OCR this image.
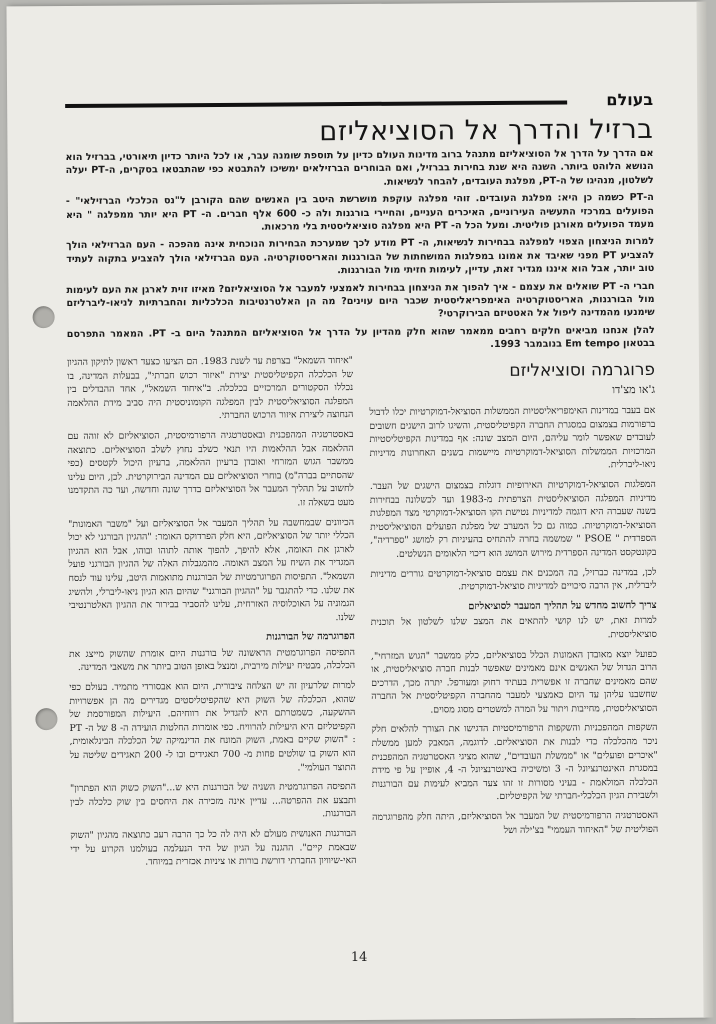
בעולם
ברזיל והדרך אל הסוציאליזם

אם הדרך על הדרך אל הסוציאליזם מתנהל ברוב מדינות העולם כדיון על תוספת שומנה עבר, או לכל היותר כדיון תיאורטי, בברזיל הוא הנושא הלוהט ביותר. השנה היא שנת בחירות בברזיל, ואם הבוחרים הברזילאים ימשיכו להתבטא כפי שהתבטאו בסקרים, ה-PT יעלה לשלטון, מנהיגו של ה-PT, מפלגת העובדים, להבחר לנשיאות.

ה-PT כשמה כן היא: מפלגת העובדים. זוהי מפלגה עוקפת מושרשת היטב בין האנשים שהם הקורבן ל"נס הכלכלי הברזילאי" - הפועלים במרכזי התעשיה העירוניים, האיכרים העניים, והחיירי בורגנות ולה כ- 600 אלף חברים. ה- PT היא יותר ממפלגה " היא מעמד הפועלים מאורגן פוליטית. ומעל הכל ה- PT היא מפלגה סוציאליסטית בלי מרכאות.

למרות הניצחון הצפוי למפלגה בבחירות לנשיאות, ה- PT מודע לכך שמערכת הבחירות הנוכחית אינה מהפכה - העם הברזילאי הולך להצביע PT מפני שאיבד את אמונו במפלגות המושחתות של הבורגנות והאריסטוקרטיה. העם הברזילאי הולך להצביע בתקוה לעתיד טוב יותר, אבל הוא איננו מגדיר זאת, עדיין, לעימות חזיתי מול הבורגנות.

חברי ה- PT שואלים את עצמם - איך להפוך את הניצחון בבחירות לאמצעי למעבר אל הסוציאליזם? מאיזו זוית לארגן את העם לעימות מול הבורגנות, האריסטוקרטיה האימפריאליסטית שכבר היום עוינים? מה הן האלטרנטיבות הכלכליות והחברתיות לניאו-ליברליזם שימנעו מהמדינה ליפול אל האטטיזם הבירוקרטי?

להלן אנחנו מביאים חלקים רחבים ממאמר שהוא חלק מהדיון על הדרך אל הסוציאליזם המתנהל היום ב- PT. המאמר התפרסם בבטאון Em tempo בנובמבר 1993.

פרוגרמה וסוציאליזם
ג'או מצ'דו

אם בעבר במדינות האימפריאליסטיות הממשלות הסוציאל-דמוקרטיות יכלו לדבול ברפורמות בצמצום במסגרת החברה הקפיטליסטית, והשיגו לרוב הישגים חשובים לעובדים שאפשר לומר עליהם, היום המצב שונה: אף במדינות הקפיטליסטיות המרכזיות הממשלות הסוציאל-דמוקרטיות מיישמות בשנים האחרונות מדיניות ניאו-ליברלית.

המפלגות הסוציאל-דמוקרטיות האירופיות דוגלות בצמצום הישגים של העבר. מדיניות המפלגה הסוציאליסטית הצרפתית מ-1983 ועד לכשלונה בבחירות בשנה שעברה היא דוגמה למדיניות נטישת הקו הסוציאל-דמוקרטי מצד המפלגות הסוציאל-דמוקרטיות. כמוה גם כל המערב של מפלגת הפועלים הסוציאליסטית הספרדית " PSOE " שמשמה בחרה להתחיס בהעיניות רק למושג "ספרדיה", בקונטקסט המדינה הספרדית מירוש המושג הוא דיכוי הלאומים הנשלטים.

לכן, במדינה כברזיל, בה המכנים את עצמם סוציאל-דמוקרטים גוררים מדיניות ליברלית, אין הרבה סיכויים למדיניות סוציאל-דמוקרטית.

צריך לחשוב מחדש על תהליך המעבר לסוציאליזם

למרות זאת, יש לנו קושי להתאים את המצב שלנו לשלטון אל תוכנית סוציאליסטית.

כפועל יוצא מאובדן האמונות הכלל בסוציאליזם, כלק ממשבר "הגוש המזרחי", הרוב הגדול של האנשים אינם מאמינים שאפשר לבנות חברה סוציאליסטית, או שהם מאמינים שחברה זו אפשרית בעתיד רחוק ומעורפל. יתרה מכך, הדרכים שחשבנו עליהן עד היום כאמצעי למעבר מהחברה הקפיטליסטית אל החברה הסוציאליסטית, מחייבות ויתור על המרה למשטרים מסוג מסוים.

השקפות המהפכניות והשקפות הרפורמיסטיות הדגישו את הצורך להלאים חלק ניכר מהכלכלה כדי לבנות את הסוציאליזם. לדוגמה, המאבק למען ממשלת "איכרים ופועלים" או "ממשלת העובדים", שהוא מציגי האסטרטגיה המהפכנית במסגרת האינטרנציונל ה- 3 ומשיכיה באינטרנציונל ה- 4, אופיין על פי מידת הכלכלה המולאמת - בעיני מסורות זו זהו צעד המביא לעימות עם הבורגנות ולשבירת הגיון הכלכלי-חברתי של הקפיטליזם.

האסטרטגיה הרפורמיסטית של המעבר אל הסוציאליזם, היתה חלק מהפרוגרמה הפוליטית של "האיחוד העממי" בצ'ילה ושל

"איחוד השמאל" בצרפת עד לשנת 1983. הם הציעו כצעד ראשון לתיקון ההגיון של הכלכלה הקפיטליסטית יצירת "איזור רכוש חברתי", בבעלות המדינה, בו נכללו הסקטורים המרכזיים בכלכלה. ב"איחוד השמאל", אחד ההבדלים בין המפלגה הסוציאליסטית לבין המפלגה הקומוניסטית היה סביב מידת ההלאמה הנחוצה ליצירת איזור הרכוש החברתי.

באסטרטגיה המהפכנית ובאסטרטגיה הרפורמיסטית, הסוציאליזם לא זוהה עם ההלאמה אבל ההלאמות היו תנאי כשלב נחוץ לשלב הסוציאליזם. כתוצאה ממשבר הגוש המזרחי ואובדן ברעיון ההלאמה, ברעיון היכול לקטסים (כפי שהסתיים בברה"מ) בוחרי הסוציאליזם עם המדינה הבירוקרטית. לכן, היום עלינו לחשוב על תהליך המעבר אל הסוציאליזם בדרך שונה וחדשה, ועד כה התקדמנו מעט בשאלה זו.

הכיוונים שבמחשבה על תהליך המעבר אל הסוציאליזם ועל "משבר האמונות" הכללי יותר של הסוציאליזם, היא חלק הפרדוקס האומר: "ההגיון הבורגני לא יכול לארגן את האומה, אלא להיפך, להפוך אותה לתוהו ובוהו, אבל הוא ההגיון המגדיר את השיח על המצב האומה. מהמגבלות האלה של ההגיון הבורגני פועל השמאל". התפיסות הפרוגרמטיות של הבורגנות מתואמות היטב, עלינו עוד לנסח את שלנו. כדי להתגבר על "ההגיון הבורגני" שהיום הוא הגיון ניאו-ליברלי, ולהשיג הגמוניה על האוכלוסיה האזרחית, עלינו להסביר בבירור את ההגיון האלטרנטיבי שלנו.

הפרוגרמה של הבורגנות

התפיסה הפרוגרמטית הראשונה של בורגנות היום אומרת שהשוק מייצג את הכלכלה, מבטיח יעילות מירבית, ומנצל באופן הטוב ביותר את משאבי המדינה.

למרות שלרעיון זה יש הצלחה ציבורית, היום הוא אבסורדי מתמיד. בעולם כפי שהוא, הכלכלה של השוק היא שהקפיטליסטים מגדירים מה הן אפשרויות ההשקעה, כשמטרתם היא להגדיל את רווחיהם. היעילות המפורסמת של הקפיטליזם היא היעילות להרוויח. כפי אומרות החלטות הועידה ה- 8 של ה- PT : "השוק שקיים באמת, השוק המונח את הדינמיקה של הכלכלה הבינלאומית, הוא השוק בו שולטים פחות מ- 700 תאגידים ובו ל- 200 תאגידים שליטה על התוצר העולמי".

התפיסה הפרוגרמטית השניה של הבורגנות היא ש..."השוק כשוק הוא הפתרון" ותבצע את ההפרטה... עדיין אינה מזכירה את היחסים בין שוק כלכלה לבין הבורגנות.

הבורגנות האנושית מעולם לא היה לה כל כך הרבה רעב כתוצאה מהגיון "השוק שבאמת קיים". ההגנה על הגיון של היד הנעלמה בעולמנו הקרוע על ידי האי-שיוויון החברתי דורשת בורות או ציניות אכזרית במיוחד.

14
